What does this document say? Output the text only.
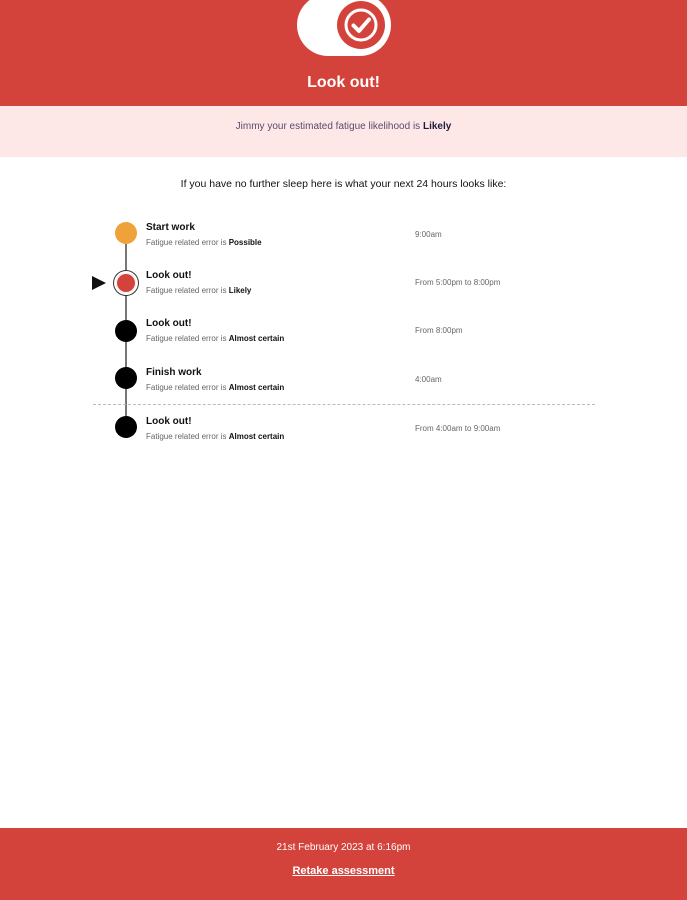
Look out!
Jimmy your estimated fatigue likelihood is Likely
If you have no further sleep here is what your next 24 hours looks like:
Start work
Fatigue related error is Possible
9:00am
Look out!
Fatigue related error is Likely
From 5:00pm to 8:00pm
Look out!
Fatigue related error is Almost certain
From 8:00pm
Finish work
Fatigue related error is Almost certain
4:00am
Look out!
Fatigue related error is Almost certain
From 4:00am to 9:00am
21st February 2023 at 6:16pm
Retake assessment
